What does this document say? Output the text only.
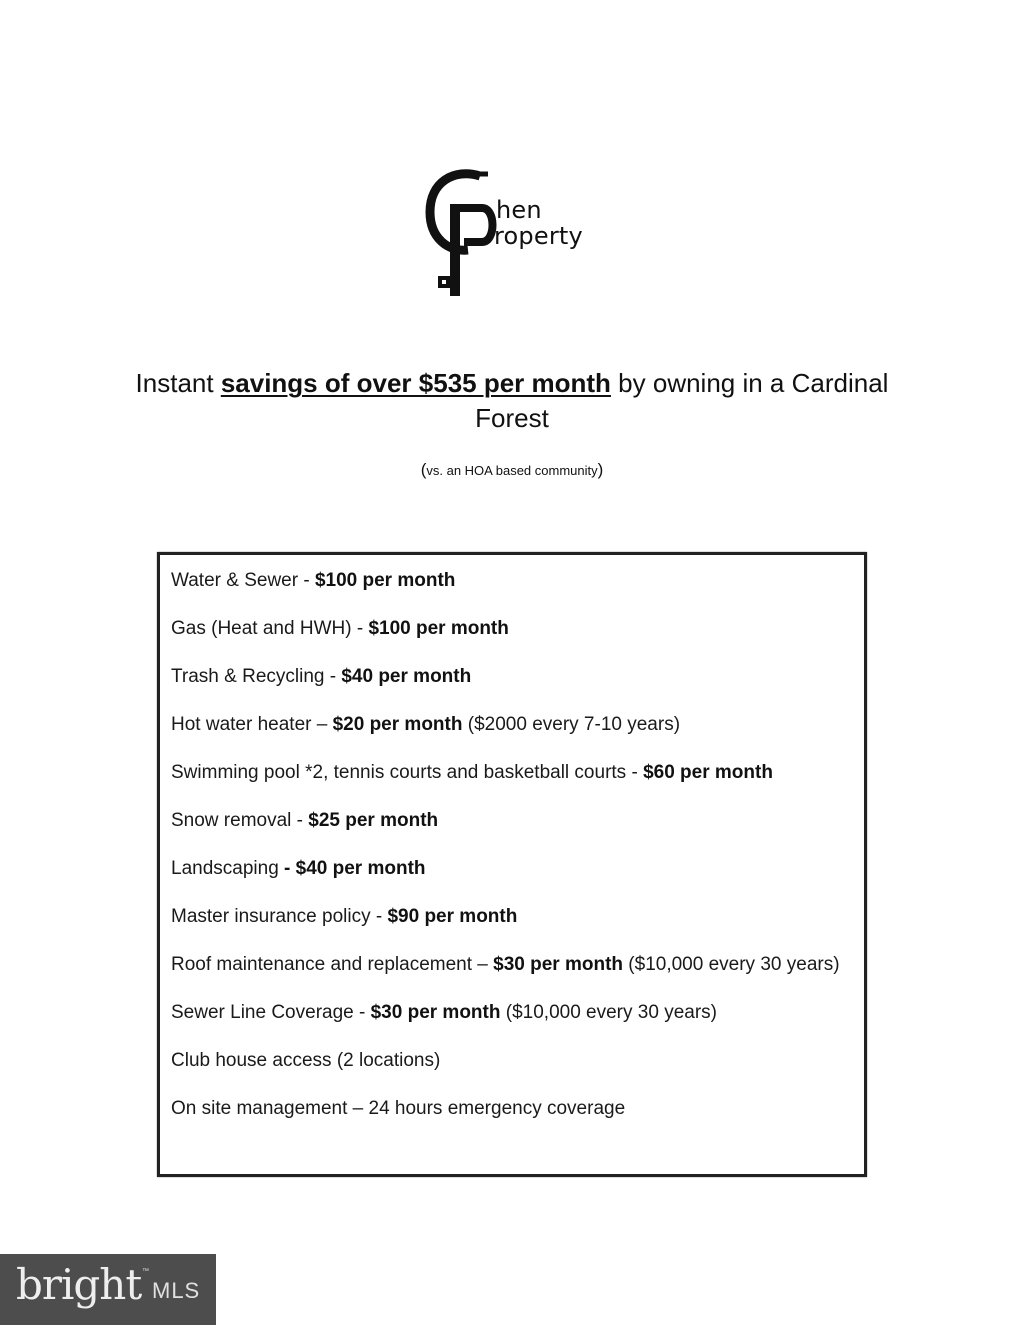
hen
roperty
Instant savings of over $535 per month by owning in a Cardinal Forest
(vs. an HOA based community)
Water & Sewer - $100 per month
Gas (Heat and HWH) - $100 per month
Trash & Recycling - $40 per month
Hot water heater – $20 per month ($2000 every 7-10 years)
Swimming pool *2, tennis courts and basketball courts - $60 per month
Snow removal - $25 per month
Landscaping - $40 per month
Master insurance policy - $90 per month
Roof maintenance and replacement – $30 per month ($10,000 every 30 years)
Sewer Line Coverage - $30 per month ($10,000 every 30 years)
Club house access (2 locations)
On site management – 24 hours emergency coverage
bright ™
MLS
